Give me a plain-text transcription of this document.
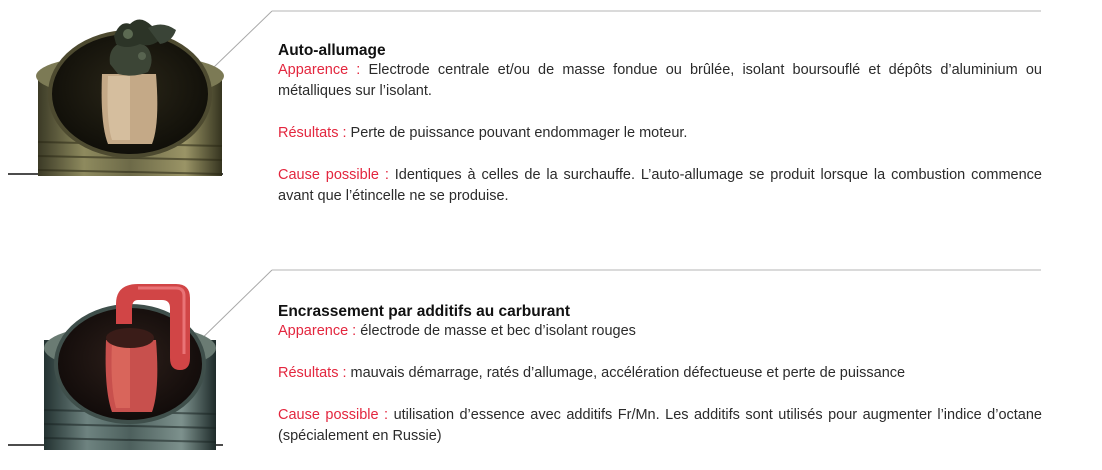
Auto-allumage

Apparence : Electrode centrale et/ou de masse fondue ou brûlée, isolant boursouflé et dépôts d’aluminium ou métalliques sur l’isolant.

Résultats : Perte de puissance pouvant endommager le moteur.

Cause possible : Identiques à celles de la surchauffe. L’auto-allumage se produit lorsque la combustion commence avant que l’étincelle ne se produise.

Encrassement par additifs au carburant

Apparence : électrode de masse et bec d’isolant rouges

Résultats : mauvais démarrage, ratés d’allumage, accélération défectueuse et perte de puissance

Cause possible : utilisation d’essence avec additifs Fr/Mn. Les additifs sont utilisés pour augmenter l’indice d’octane (spécialement en Russie)
